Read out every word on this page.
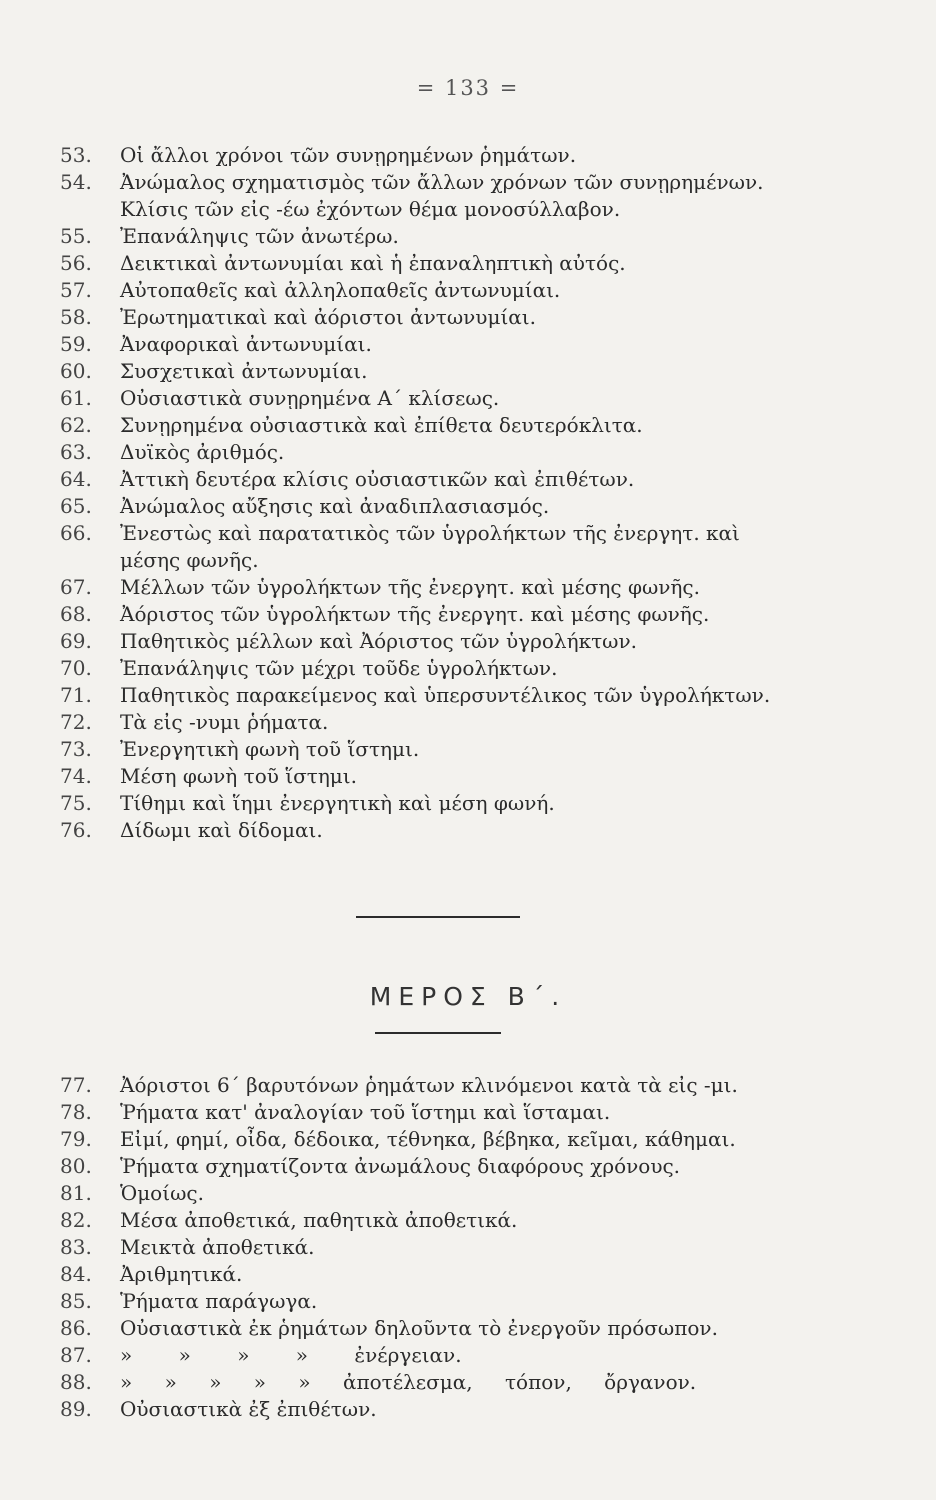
= 133 =
53.	Οἱ ἄλλοι χρόνοι τῶν συνῃρημένων ῥημάτων.
54.	Ἀνώμαλος σχηματισμὸς τῶν ἄλλων χρόνων τῶν συνῃρημένων. Κλίσις τῶν εἰς -έω ἐχόντων θέμα μονοσύλλαβον.
55.	Ἐπανάληψις τῶν ἀνωτέρω.
56.	Δεικτικαὶ ἀντωνυμίαι καὶ ἡ ἐπαναληπτικὴ αὐτός.
57.	Αὐτοπαθεῖς καὶ ἀλληλοπαθεῖς ἀντωνυμίαι.
58.	Ἐρωτηματικαὶ καὶ ἀόριστοι ἀντωνυμίαι.
59.	Ἀναφορικαὶ ἀντωνυμίαι.
60.	Συσχετικαὶ ἀντωνυμίαι.
61.	Οὐσιαστικὰ συνῃρημένα Α΄ κλίσεως.
62.	Συνῃρημένα οὐσιαστικὰ καὶ ἐπίθετα δευτερόκλιτα.
63.	Δυϊκὸς ἀριθμός.
64.	Ἀττικὴ δευτέρα κλίσις οὐσιαστικῶν καὶ ἐπιθέτων.
65.	Ἀνώμαλος αὔξησις καὶ ἀναδιπλασιασμός.
66.	Ἐνεστὼς καὶ παρατατικὸς τῶν ὑγρολήκτων τῆς ἐνεργητ. καὶ μέσης φωνῆς.
67.	Μέλλων τῶν ὑγρολήκτων τῆς ἐνεργητ. καὶ μέσης φωνῆς.
68.	Ἀόριστος τῶν ὑγρολήκτων τῆς ἐνεργητ. καὶ μέσης φωνῆς.
69.	Παθητικὸς μέλλων καὶ Ἀόριστος τῶν ὑγρολήκτων.
70.	Ἐπανάληψις τῶν μέχρι τοῦδε ὑγρολήκτων.
71.	Παθητικὸς παρακείμενος καὶ ὑπερσυντέλικος τῶν ὑγρολήκτων.
72.	Τὰ εἰς -νυμι ῥήματα.
73.	Ἐνεργητικὴ φωνὴ τοῦ ἵστημι.
74.	Μέση φωνὴ τοῦ ἵστημι.
75.	Τίθημι καὶ ἵημι ἐνεργητικὴ καὶ μέση φωνή.
76.	Δίδωμι καὶ δίδομαι.
ΜΕΡΟΣ Β΄.
77.	Ἀόριστοι 6΄ βαρυτόνων ῥημάτων κλινόμενοι κατὰ τὰ εἰς -μι.
78.	Ῥήματα κατ' ἀναλογίαν τοῦ ἵστημι καὶ ἵσταμαι.
79.	Εἰμί, φημί, οἶδα, δέδοικα, τέθνηκα, βέβηκα, κεῖμαι, κάθημαι.
80.	Ῥήματα σχηματίζοντα ἀνωμάλους διαφόρους χρόνους.
81.	Ὁμοίως.
82.	Μέσα ἀποθετικά, παθητικὰ ἀποθετικά.
83.	Μεικτὰ ἀποθετικά.
84.	Ἀριθμητικά.
85.	Ῥήματα παράγωγα.
86.	Οὐσιαστικὰ ἐκ ῥημάτων δηλοῦντα τὸ ἐνεργοῦν πρόσωπον.
87.	» » » » ἐνέργειαν.
88.	» » » » » ἀποτέλεσμα, τόπον, ὄργανον.
89.	Οὐσιαστικὰ ἐξ ἐπιθέτων.
